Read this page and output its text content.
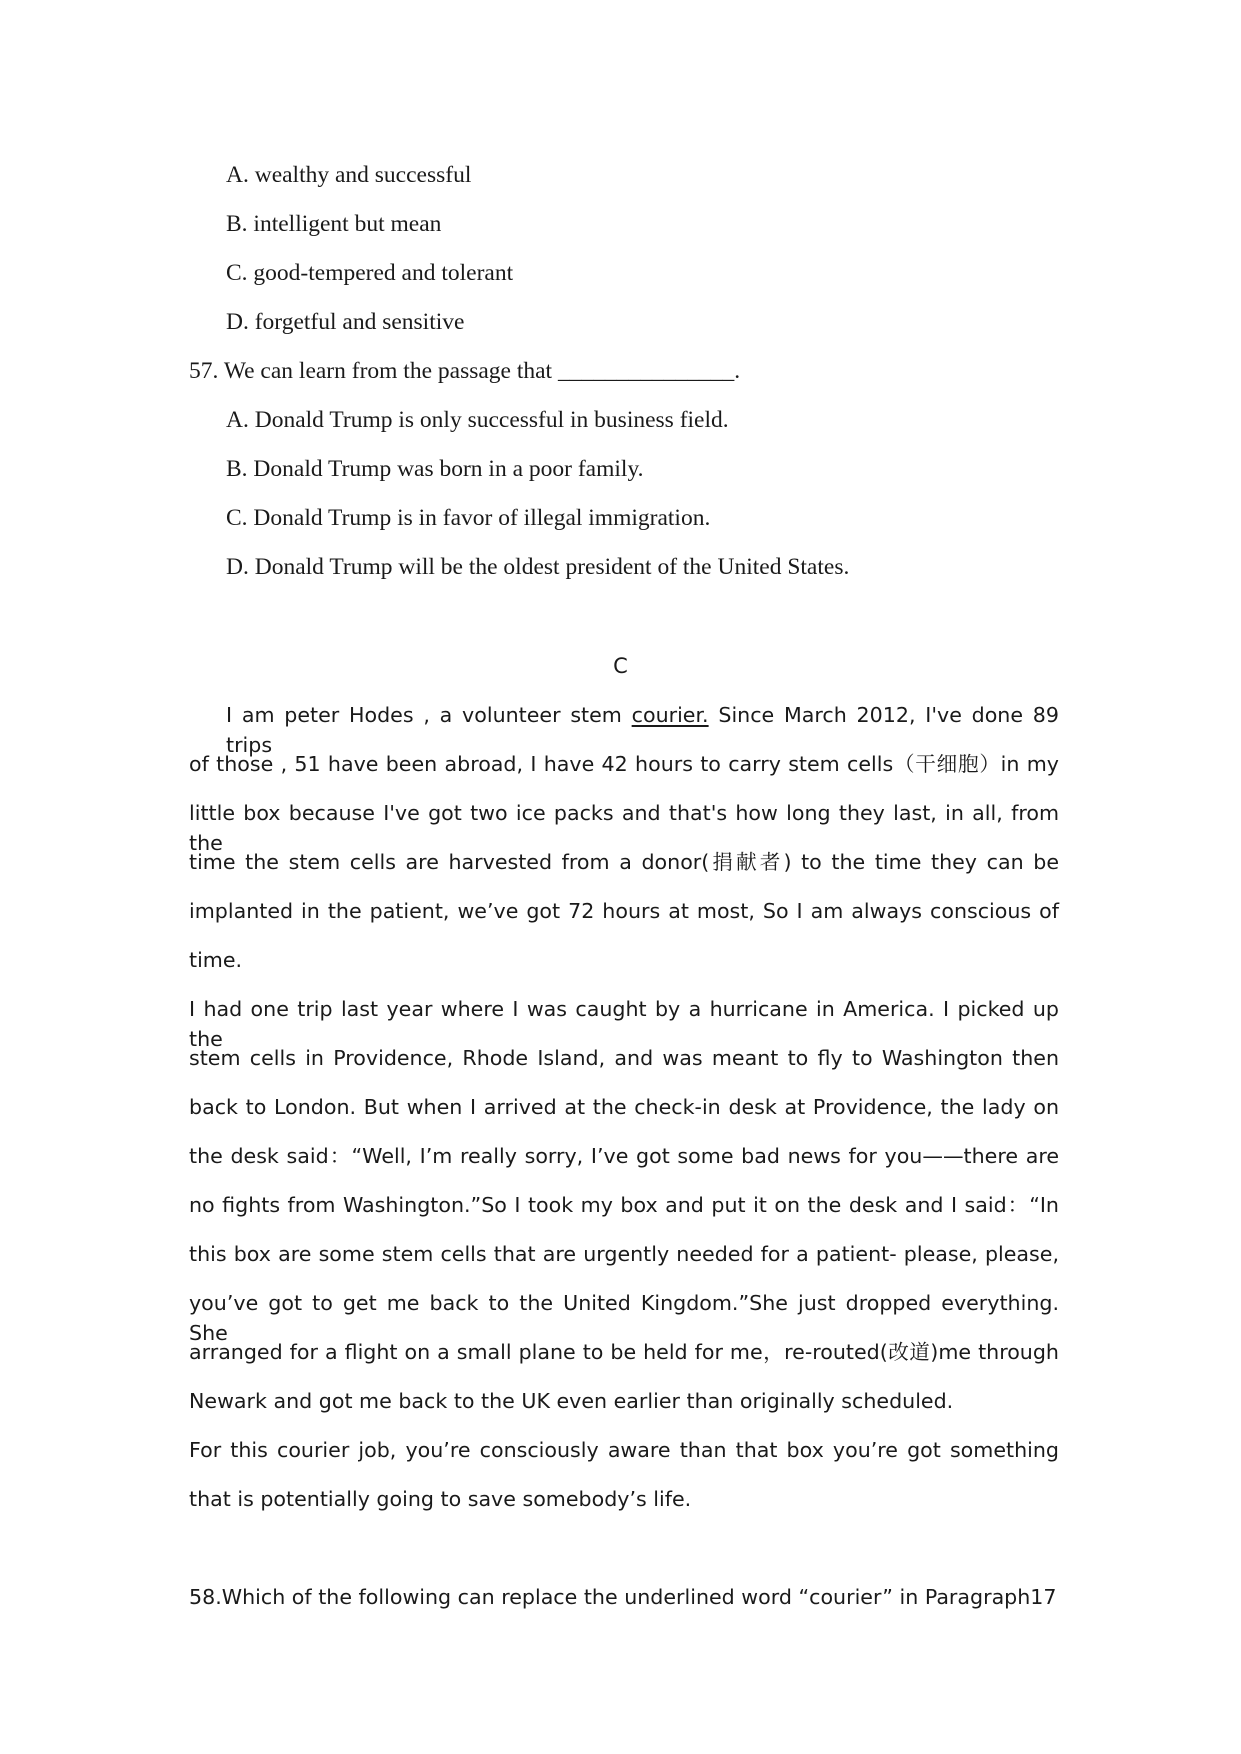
A. wealthy and successful
B. intelligent but mean
C. good-tempered and tolerant
D. forgetful and sensitive
57. We can learn from the passage that _______________.
A. Donald Trump is only successful in business field.
B. Donald Trump was born in a poor family.
C. Donald Trump is in favor of illegal immigration.
D. Donald Trump will be the oldest president of the United States.
C
I am peter Hodes , a volunteer stem courier. Since March 2012, I've done 89 trips
of those , 51 have been abroad, I have 42 hours to carry stem cells（干细胞）in my
little box because I've got two ice packs and that's how long they last, in all, from the
time the stem cells are harvested from a donor(捐献者) to the time they can be
implanted in the patient, we’ve got 72 hours at most, So I am always conscious of
time.
I had one trip last year where I was caught by a hurricane in America. I picked up the
stem cells in Providence, Rhode Island, and was meant to fly to Washington then
back to London. But when I arrived at the check-in desk at Providence, the lady on
the desk said：“Well, I’m really sorry, I’ve got some bad news for you——there are
no fights from Washington.”So I took my box and put it on the desk and I said：“In
this box are some stem cells that are urgently needed for a patient- please, please,
you’ve got to get me back to the United Kingdom.”She just dropped everything. She
arranged for a flight on a small plane to be held for me，re-routed(改道)me through
Newark and got me back to the UK even earlier than originally scheduled.
For this courier job, you’re consciously aware than that box you’re got something
that is potentially going to save somebody’s life.
58.Which of the following can replace the underlined word “courier” in Paragraph17
